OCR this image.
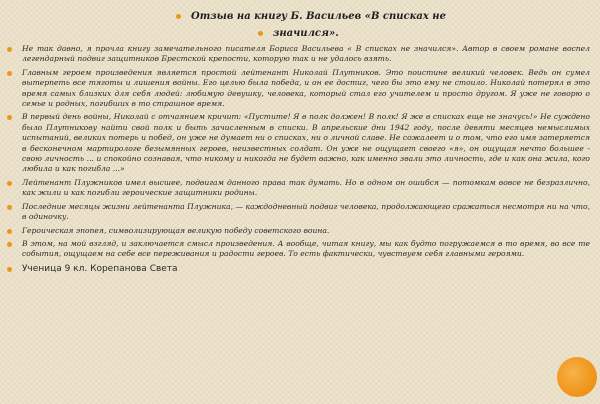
Отзыв на книгу Б. Васильев «В списках не
значился».

Не так давно, я прочла книгу замечательного писателя Бориса Васильева « В списках не значился». Автор в своем романе воспел легендарный подвиг защитников Брестской крепости, которую так и не удалось взять.

Главным героем произведения является простой лейтенант Николай Плутников. Это поистине великий человек. Ведь он сумел вытерпеть все тяготы и лишения войны. Его целью была победа, и он ее достиг, чего бы это ему не стоило. Николай потерял в это время самых близких для себя людей: любимую девушку, человека, который стал его учителем и просто другом. Я уже не говорю о семье и родных, погибших в то страшное время.

В первый день войны, Николай с отчаянием кричит: «Пустите! Я в полк должен! В полк! Я же в списках еще не значусь!» Не суждено было Плутникову найти свой полк и быть зачисленным в списки. В апрельские дни 1942 году, после девяти месяцев немыслимых испытаний, великих потерь и побед, он уже не думает ни о списках, ни о личной славе. Не сожалеет и о том, что его имя затеряется в бесконечном мартирологе безымянных героев, неизвестных солдат. Он уже не ощущает своего «я», он ощущая нечто большее - свою личность ... и спокойно сознавая, что никому и никогда не будет важно, как именно звали это личность, где и как она жила, кого любила и как погибла ...»

Лейтенант Плужников имел высшее, подвигам данного права так думать. Но в одном он ошибся — потомкам вовсе не безразлично, как жили и как погибли героические защитники родины.

Последние месяцы жизни лейтенанта Плужника, — каждодневный подвиг человека, продолжающего сражаться несмотря ни на что, в одиночку.

Героическая эпопея, символизирующая великую победу советского воина.

В этом, на мой взгляд, и заключается смысл произведения. А вообще, читая книгу, мы как будто погружаемся в то время, во все те события, ощущаем на себе все переживания и радости героев. То есть фактически, чувствуем себя главными героями.

Ученица 9 кл. Корепанова Света
